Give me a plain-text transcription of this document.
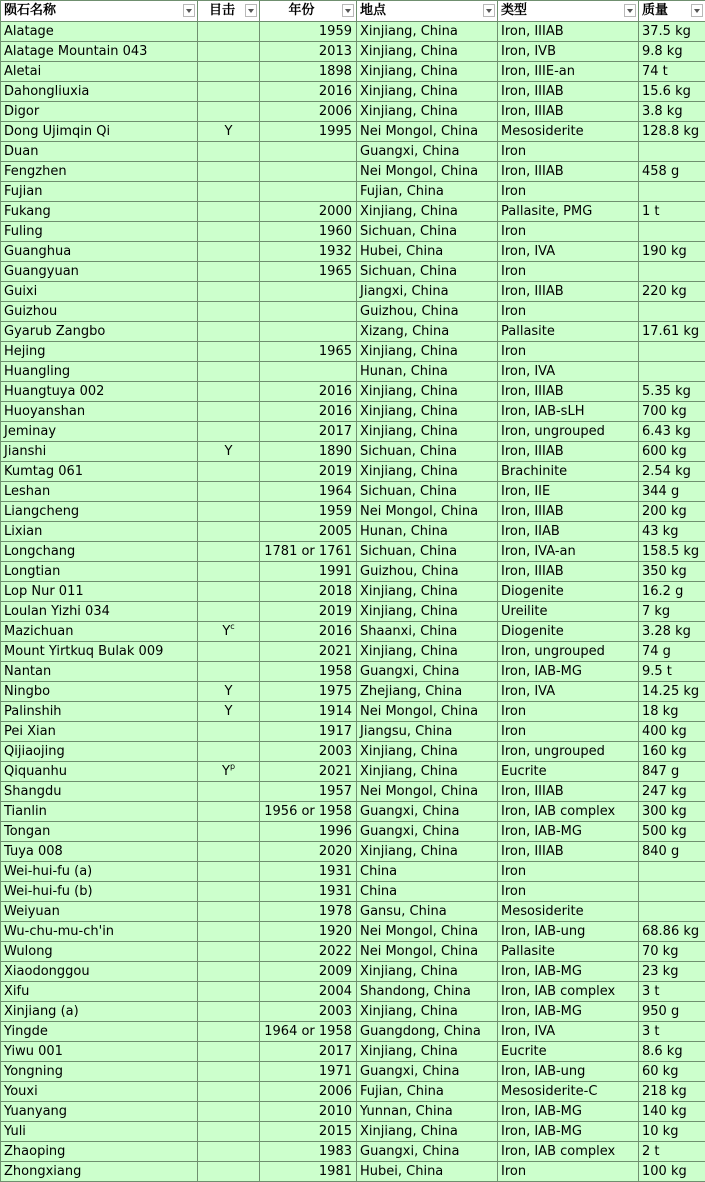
陨石名称	目击	年份	地点	类型	质量

Alatage		1959	Xinjiang, China	Iron, IIIAB	37.5 kg
Alatage Mountain 043		2013	Xinjiang, China	Iron, IVB	9.8 kg
Aletai		1898	Xinjiang, China	Iron, IIIE-an	74 t
Dahongliuxia		2016	Xinjiang, China	Iron, IIIAB	15.6 kg
Digor		2006	Xinjiang, China	Iron, IIIAB	3.8 kg
Dong Ujimqin Qi	Y	1995	Nei Mongol, China	Mesosiderite	128.8 kg
Duan			Guangxi, China	Iron	
Fengzhen			Nei Mongol, China	Iron, IIIAB	458 g
Fujian			Fujian, China	Iron	
Fukang		2000	Xinjiang, China	Pallasite, PMG	1 t
Fuling		1960	Sichuan, China	Iron	
Guanghua		1932	Hubei, China	Iron, IVA	190 kg
Guangyuan		1965	Sichuan, China	Iron	
Guixi			Jiangxi, China	Iron, IIIAB	220 kg
Guizhou			Guizhou, China	Iron	
Gyarub Zangbo			Xizang, China	Pallasite	17.61 kg
Hejing		1965	Xinjiang, China	Iron	
Huangling			Hunan, China	Iron, IVA	
Huangtuya 002		2016	Xinjiang, China	Iron, IIIAB	5.35 kg
Huoyanshan		2016	Xinjiang, China	Iron, IAB-sLH	700 kg
Jeminay		2017	Xinjiang, China	Iron, ungrouped	6.43 kg
Jianshi	Y	1890	Sichuan, China	Iron, IIIAB	600 kg
Kumtag 061		2019	Xinjiang, China	Brachinite	2.54 kg
Leshan		1964	Sichuan, China	Iron, IIE	344 g
Liangcheng		1959	Nei Mongol, China	Iron, IIIAB	200 kg
Lixian		2005	Hunan, China	Iron, IIAB	43 kg
Longchang		1781 or 1761	Sichuan, China	Iron, IVA-an	158.5 kg
Longtian		1991	Guizhou, China	Iron, IIIAB	350 kg
Lop Nur 011		2018	Xinjiang, China	Diogenite	16.2 g
Loulan Yizhi 034		2019	Xinjiang, China	Ureilite	7 kg
Mazichuan	$Y^c$	2016	Shaanxi, China	Diogenite	3.28 kg
Mount Yirtkuq Bulak 009		2021	Xinjiang, China	Iron, ungrouped	74 g
Nantan		1958	Guangxi, China	Iron, IAB-MG	9.5 t
Ningbo	Y	1975	Zhejiang, China	Iron, IVA	14.25 kg
Palinshih	Y	1914	Nei Mongol, China	Iron	18 kg
Pei Xian		1917	Jiangsu, China	Iron	400 kg
Qijiaojing		2003	Xinjiang, China	Iron, ungrouped	160 kg
Qiquanhu	$Y^p$	2021	Xinjiang, China	Eucrite	847 g
Shangdu		1957	Nei Mongol, China	Iron, IIIAB	247 kg
Tianlin		1956 or 1958	Guangxi, China	Iron, IAB complex	300 kg
Tongan		1996	Guangxi, China	Iron, IAB-MG	500 kg
Tuya 008		2020	Xinjiang, China	Iron, IIIAB	840 g
Wei-hui-fu (a)		1931	China	Iron	
Wei-hui-fu (b)		1931	China	Iron	
Weiyuan		1978	Gansu, China	Mesosiderite	
Wu-chu-mu-ch'in		1920	Nei Mongol, China	Iron, IAB-ung	68.86 kg
Wulong		2022	Nei Mongol, China	Pallasite	70 kg
Xiaodonggou		2009	Xinjiang, China	Iron, IAB-MG	23 kg
Xifu		2004	Shandong, China	Iron, IAB complex	3 t
Xinjiang (a)		2003	Xinjiang, China	Iron, IAB-MG	950 g
Yingde		1964 or 1958	Guangdong, China	Iron, IVA	3 t
Yiwu 001		2017	Xinjiang, China	Eucrite	8.6 kg
Yongning		1971	Guangxi, China	Iron, IAB-ung	60 kg
Youxi		2006	Fujian, China	Mesosiderite-C	218 kg
Yuanyang		2010	Yunnan, China	Iron, IAB-MG	140 kg
Yuli		2015	Xinjiang, China	Iron, IAB-MG	10 kg
Zhaoping		1983	Guangxi, China	Iron, IAB complex	2 t
Zhongxiang		1981	Hubei, China	Iron	100 kg
